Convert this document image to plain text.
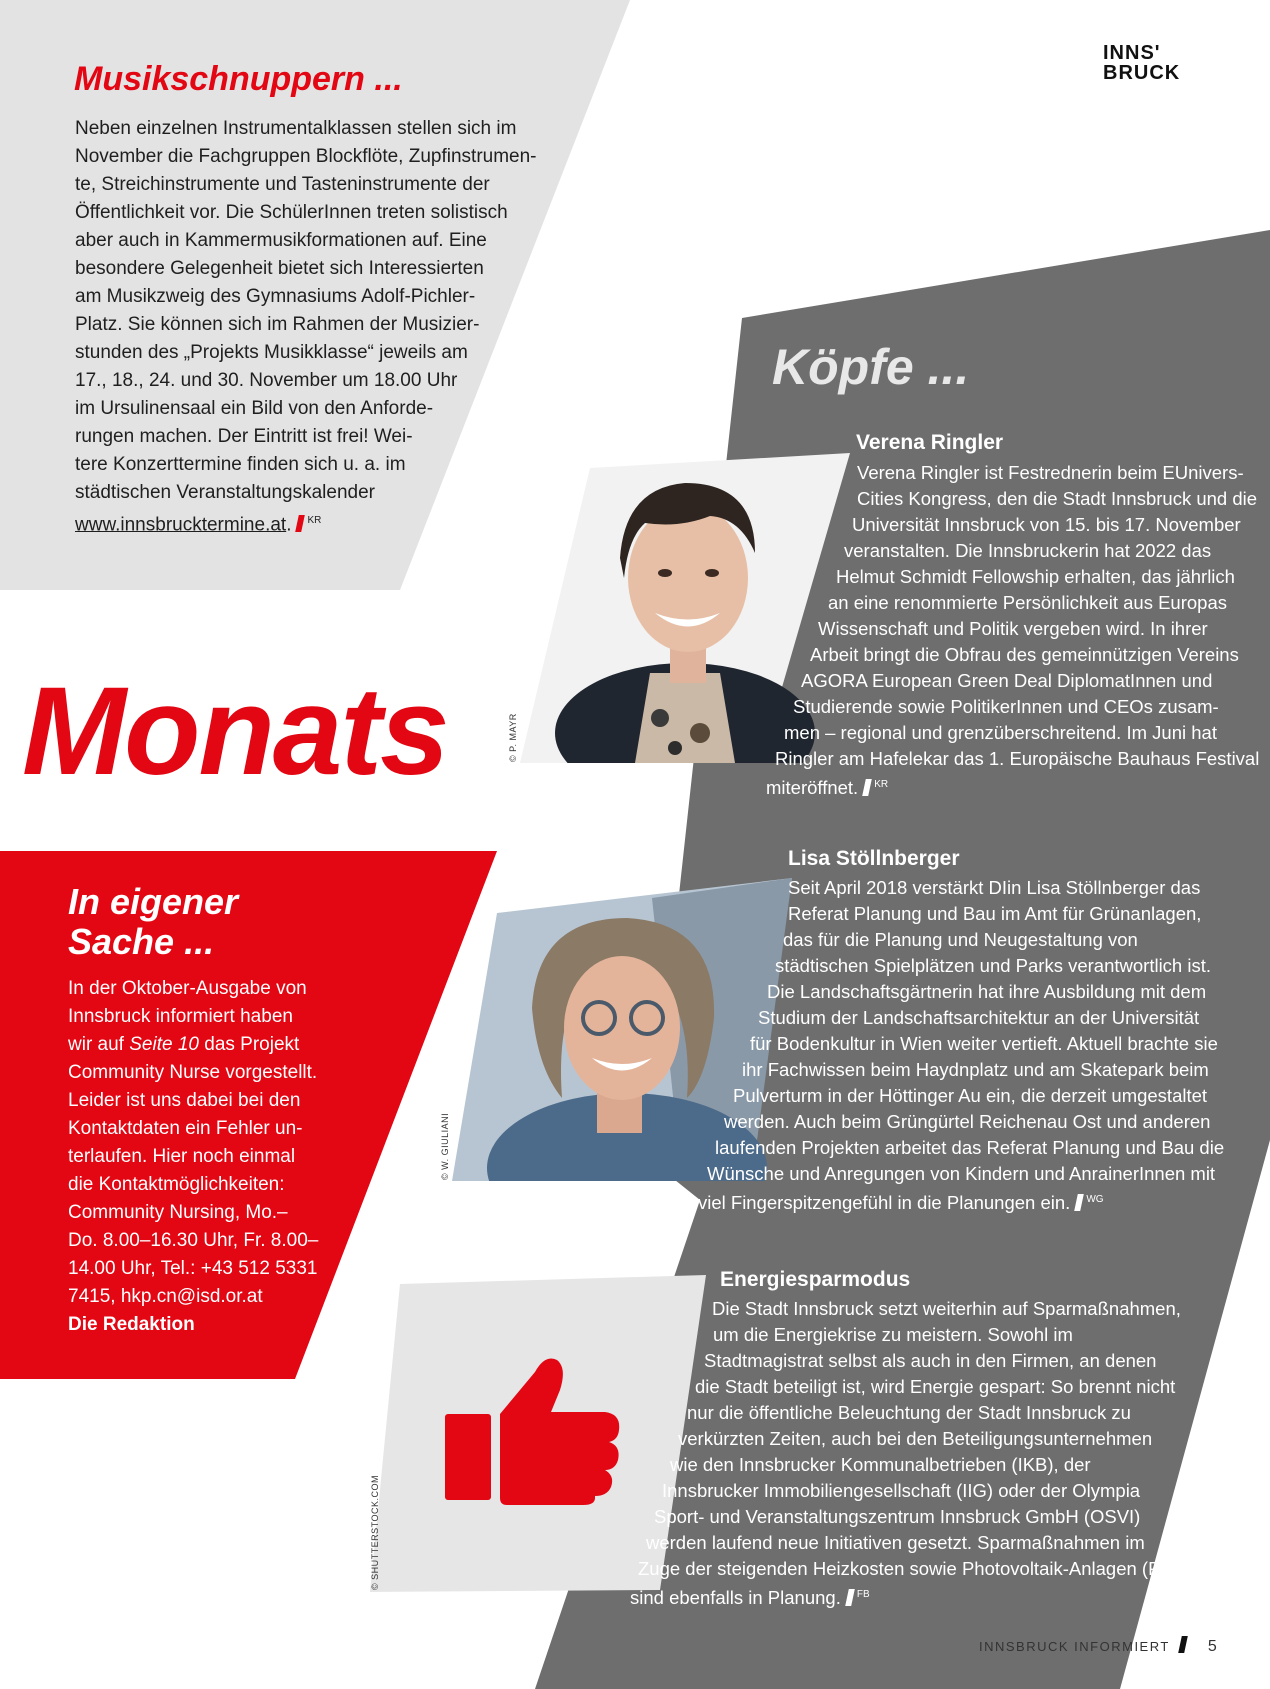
INNS'
BRUCK
Musikschnuppern ...

Neben einzelnen Instrumentalklassen stellen sich im

November die Fachgruppen Blockflöte, Zupfinstrumen-

te, Streichinstrumente und Tasteninstrumente der

Öffentlichkeit vor. Die SchülerInnen treten solistisch

aber auch in Kammermusikformationen auf. Eine

besondere Gelegenheit bietet sich Interessierten

am Musikzweig des Gymnasiums Adolf-Pichler-

Platz. Sie können sich im Rahmen der Musizier-

stunden des „Projekts Musikklasse“ jeweils am

17., 18., 24. und 30. November um 18.00 Uhr

im Ursulinensaal ein Bild von den Anforde-

rungen machen. Der Eintritt ist frei! Wei-

tere Konzerttermine finden sich u. a. im

städtischen Veranstaltungskalender

www.innsbrucktermine.at. $^{KR}$

Monats
Köpfe ...
© P. MAYR
Verena Ringler
Verena Ringler ist Festrednerin beim EUnivers-
Cities Kongress, den die Stadt Innsbruck und die
Universität Innsbruck von 15. bis 17. November
veranstalten. Die Innsbruckerin hat 2022 das
Helmut Schmidt Fellowship erhalten, das jährlich
an eine renommierte Persönlichkeit aus Europas
Wissenschaft und Politik vergeben wird. In ihrer
Arbeit bringt die Obfrau des gemeinnützigen Vereins
AGORA European Green Deal DiplomatInnen und
Studierende sowie PolitikerInnen und CEOs zusam-
men – regional und grenzüberschreitend. Im Juni hat
Ringler am Hafelekar das 1. Europäische Bauhaus Festival
miteröffnet. $^{KR}$
© W. GIULIANI
Lisa Stöllnberger
Seit April 2018 verstärkt DIin Lisa Stöllnberger das
Referat Planung und Bau im Amt für Grünanlagen,
das für die Planung und Neugestaltung von
städtischen Spielplätzen und Parks verantwortlich ist.
Die Landschaftsgärtnerin hat ihre Ausbildung mit dem
Studium der Landschaftsarchitektur an der Universität
für Bodenkultur in Wien weiter vertieft. Aktuell brachte sie
ihr Fachwissen beim Haydnplatz und am Skatepark beim
Pulverturm in der Höttinger Au ein, die derzeit umgestaltet
werden. Auch beim Grüngürtel Reichenau Ost und anderen
laufenden Projekten arbeitet das Referat Planung und Bau die
Wünsche und Anregungen von Kindern und AnrainerInnen mit
viel Fingerspitzengefühl in die Planungen ein. $^{WG}$
© SHUTTERSTOCK.COM
Energiesparmodus
Die Stadt Innsbruck setzt weiterhin auf Sparmaßnahmen,
um die Energiekrise zu meistern. Sowohl im
Stadtmagistrat selbst als auch in den Firmen, an denen
die Stadt beteiligt ist, wird Energie gespart: So brennt nicht
nur die öffentliche Beleuchtung der Stadt Innsbruck zu
verkürzten Zeiten, auch bei den Beteiligungsunternehmen
wie den Innsbrucker Kommunalbetrieben (IKB), der
Innsbrucker Immobiliengesellschaft (IIG) oder der Olympia
Sport- und Veranstaltungszentrum Innsbruck GmbH (OSVI)
werden laufend neue Initiativen gesetzt. Sparmaßnahmen im
Zuge der steigenden Heizkosten sowie Photovoltaik-Anlagen (PV)
sind ebenfalls in Planung. $^{FB}$
In eigener
Sache ...

In der Oktober-Ausgabe von

Innsbruck informiert haben

wir auf Seite 10 das Projekt

Community Nurse vorgestellt.

Leider ist uns dabei bei den

Kontaktdaten ein Fehler un-

terlaufen. Hier noch einmal

die Kontaktmöglichkeiten:

Community Nursing, Mo.–

Do. 8.00–16.30 Uhr, Fr. 8.00–

14.00 Uhr, Tel.: +43 512 5331

7415, hkp.cn@isd.or.at

Die Redaktion

INNSBRUCK INFORMIERT 5
